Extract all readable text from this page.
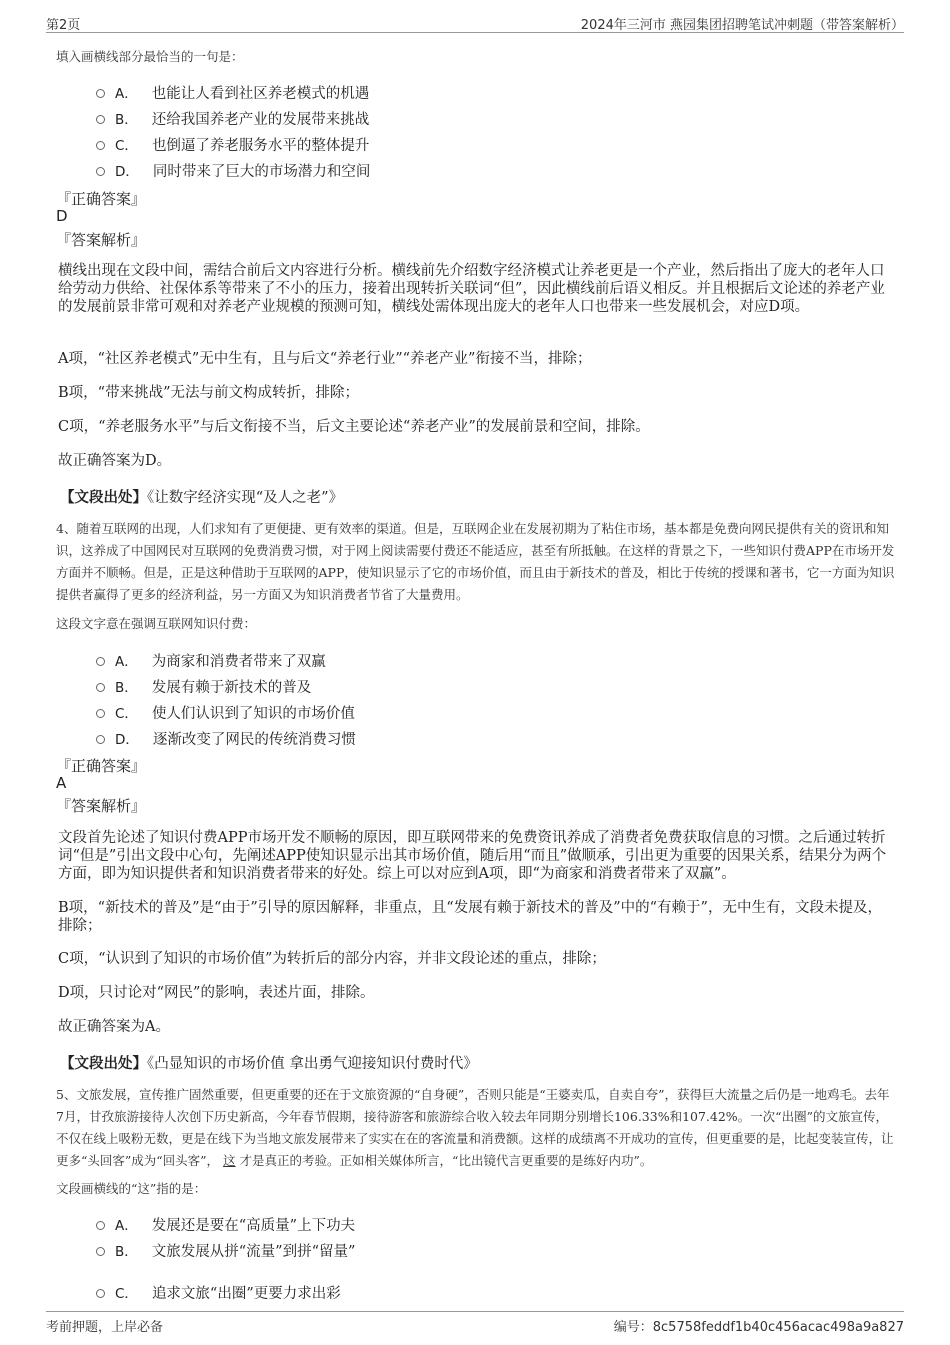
第2页	2024年三河市 燕园集团招聘笔试冲刺题（带答案解析）

填入画横线部分最恰当的一句是：

A． 也能让人看到社区养老模式的机遇
B． 还给我国养老产业的发展带来挑战
C． 也倒逼了养老服务水平的整体提升
D． 同时带来了巨大的市场潜力和空间

『正确答案』

D

『答案解析』

横线出现在文段中间，需结合前后文内容进行分析。横线前先介绍数字经济模式让养老更是一个产业，然后指出了庞大的老年人口给劳动力供给、社保体系等带来了不小的压力，接着出现转折关联词“但”，因此横线前后语义相反。并且根据后文论述的养老产业的发展前景非常可观和对养老产业规模的预测可知，横线处需体现出庞大的老年人口也带来一些发展机会，对应D项。

A项，“社区养老模式”无中生有，且与后文“养老行业”“养老产业”衔接不当，排除；

B项，“带来挑战”无法与前文构成转折，排除；

C项，“养老服务水平”与后文衔接不当，后文主要论述“养老产业”的发展前景和空间，排除。

故正确答案为D。

【文段出处】《让数字经济实现“及人之老”》

4、随着互联网的出现，人们求知有了更便捷、更有效率的渠道。但是，互联网企业在发展初期为了粘住市场，基本都是免费向网民提供有关的资讯和知识，这养成了中国网民对互联网的免费消费习惯，对于网上阅读需要付费还不能适应，甚至有所抵触。在这样的背景之下，一些知识付费APP在市场开发方面并不顺畅。但是，正是这种借助于互联网的APP，使知识显示了它的市场价值，而且由于新技术的普及，相比于传统的授课和著书，它一方面为知识提供者赢得了更多的经济利益，另一方面又为知识消费者节省了大量费用。

这段文字意在强调互联网知识付费：

A． 为商家和消费者带来了双赢
B． 发展有赖于新技术的普及
C． 使人们认识到了知识的市场价值
D． 逐渐改变了网民的传统消费习惯

『正确答案』

A

『答案解析』

文段首先论述了知识付费APP市场开发不顺畅的原因，即互联网带来的免费资讯养成了消费者免费获取信息的习惯。之后通过转折词“但是”引出文段中心句，先阐述APP使知识显示出其市场价值，随后用“而且”做顺承，引出更为重要的因果关系，结果分为两个方面，即为知识提供者和知识消费者带来的好处。综上可以对应到A项，即“为商家和消费者带来了双赢”。

B项，“新技术的普及”是“由于”引导的原因解释，非重点，且“发展有赖于新技术的普及”中的“有赖于”，无中生有，文段未提及，排除；

C项，“认识到了知识的市场价值”为转折后的部分内容，并非文段论述的重点，排除；

D项，只讨论对“网民”的影响，表述片面，排除。

故正确答案为A。

【文段出处】《凸显知识的市场价值 拿出勇气迎接知识付费时代》

5、文旅发展，宣传推广固然重要，但更重要的还在于文旅资源的“自身硬”，否则只能是“王婆卖瓜，自卖自夸”，获得巨大流量之后仍是一地鸡毛。去年7月，甘孜旅游接待人次创下历史新高，今年春节假期，接待游客和旅游综合收入较去年同期分别增长106.33%和107.42%。一次“出圈”的文旅宣传，不仅在线上吸粉无数，更是在线下为当地文旅发展带来了实实在在的客流量和消费额。这样的成绩离不开成功的宣传，但更重要的是，比起变装宣传，让更多“头回客”成为“回头客”， 这 才是真正的考验。正如相关媒体所言，“比出镜代言更重要的是练好内功”。

文段画横线的“这”指的是：

A． 发展还是要在“高质量”上下功夫
B． 文旅发展从拼“流量”到拼“留量”
C． 追求文旅“出圈”更要力求出彩
考前押题，上岸必备	编号：8c5758feddf1b40c456acac498a9a827
